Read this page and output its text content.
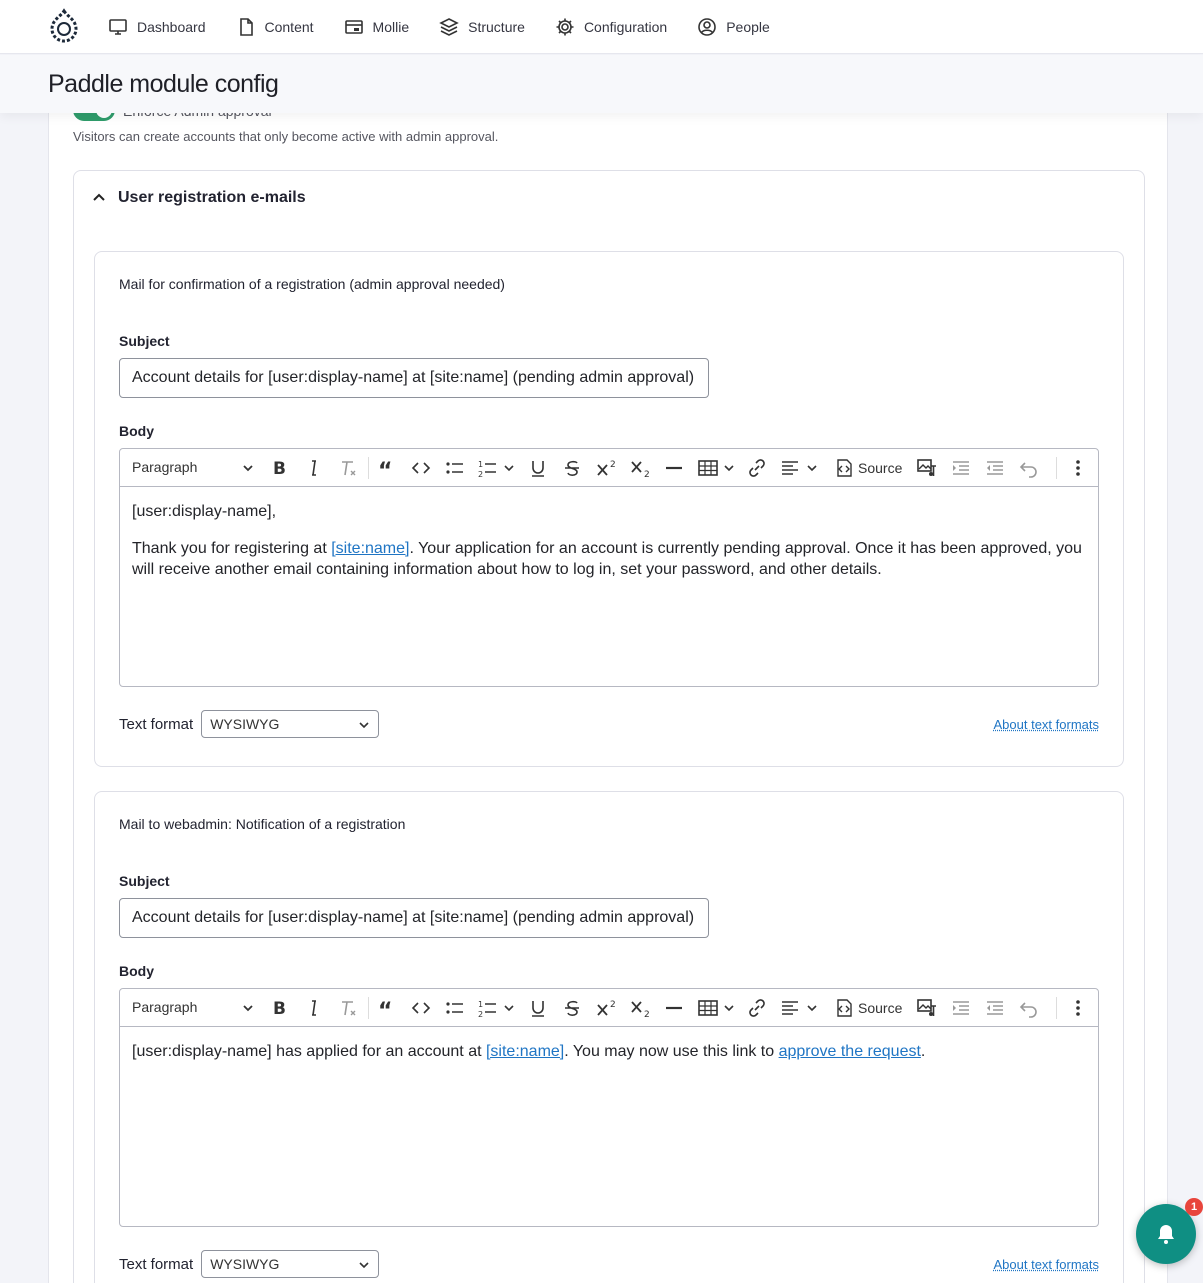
Dashboard	Content	Mollie	Structure	Configuration	People
Visitors can create accounts that only become active with admin approval.
User registration e-mails
Mail for confirmation of a registration (admin approval needed)
Subject
Account details for [user:display-name] at [site:name] (pending admin approval)
Body
Paragraph	B	“	1
2
2
2	Source

[user:display-name],

Thank you for registering at [site:name]. Your application for an account is currently pending approval. Once it has been approved, you will receive another email containing information about how to log in, set your password, and other details.

Text format	WYSIWYG	About text formats
Mail to webadmin: Notification of a registration
Subject
Account details for [user:display-name] at [site:name] (pending admin approval)
Body
Paragraph	B	“	1
2
2
2	Source

[user:display-name] has applied for an account at [site:name]. You may now use this link to approve the request.

Text format	WYSIWYG	About text formats
Paddle module config
1
